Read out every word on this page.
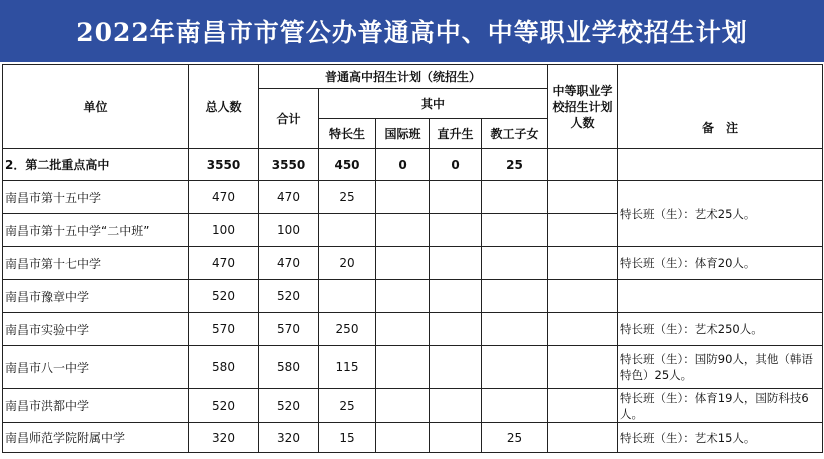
2022年南昌市市管公办普通高中、中等职业学校招生计划
单位	总人数	普通高中招生计划（统招生）					中等职业学校招生计划人数	
		合计	其中					
			特长生	国际班	直升生	教工子女		备　注
2．第二批重点高中	3550	3550	450	0	0	25		
南昌市第十五中学	470	470	25					特长班（生）：艺术25人。
南昌市第十五中学“二中班”	100	100						
南昌市第十七中学	470	470	20					特长班（生）：体育20人。
南昌市豫章中学	520	520						
南昌市实验中学	570	570	250					特长班（生）：艺术250人。
南昌市八一中学	580	580	115					特长班（生）：国防90人，其他（韩语特色）25人。
南昌市洪都中学	520	520	25					特长班（生）：体育19人，国防科技6人。
南昌师范学院附属中学	320	320	15			25		特长班（生）：艺术15人。
